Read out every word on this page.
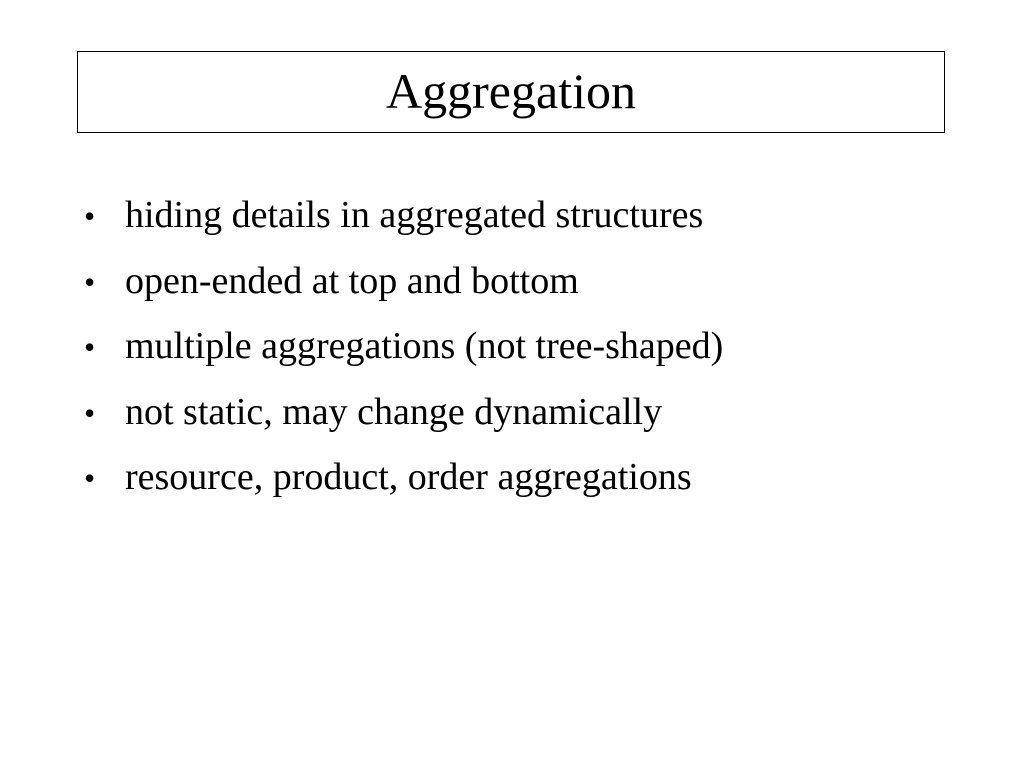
Aggregation
• hiding details in aggregated structures
• open-ended at top and bottom
• multiple aggregations (not tree-shaped)
• not static, may change dynamically
• resource, product, order aggregations
